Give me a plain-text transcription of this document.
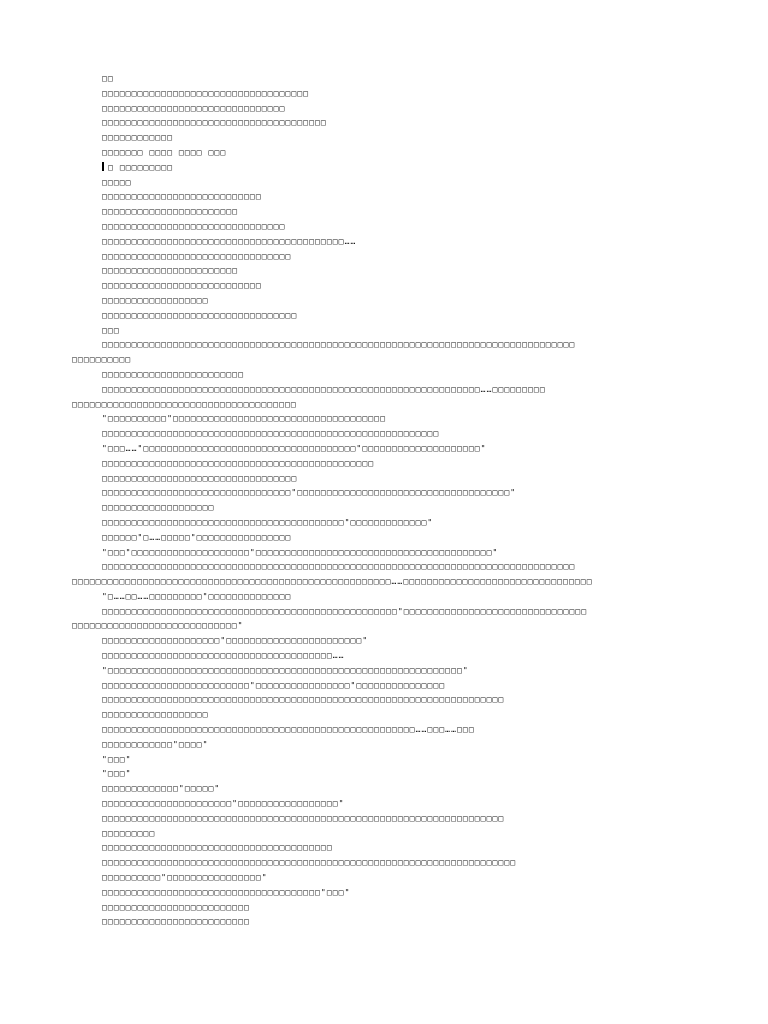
□□
□□□□□□□□□□□□□□□□□□□□□□□□□□□□□□□□□□□
□□□□□□□□□□□□□□□□□□□□□□□□□□□□□□□
□□□□□□□□□□□□□□□□□□□□□□□□□□□□□□□□□□□□□□
□□□□□□□□□□□□
□□□□□□□ □□□□ □□□□ □□□
□ □□□□□□□□□
□□□□□
□□□□□□□□□□□□□□□□□□□□□□□□□□□
□□□□□□□□□□□□□□□□□□□□□□□
□□□□□□□□□□□□□□□□□□□□□□□□□□□□□□□
□□□□□□□□□□□□□□□□□□□□□□□□□□□□□□□□□□□□□□□□□……
□□□□□□□□□□□□□□□□□□□□□□□□□□□□□□□□
□□□□□□□□□□□□□□□□□□□□□□□
□□□□□□□□□□□□□□□□□□□□□□□□□□□
□□□□□□□□□□□□□□□□□□
□□□□□□□□□□□□□□□□□□□□□□□□□□□□□□□□□
□□□
□□□□□□□□□□□□□□□□□□□□□□□□□□□□□□□□□□□□□□□□□□□□□□□□□□□□□□□□□□□□□□□□□□□□□□□□□□□□□□□□
□□□□□□□□□□
□□□□□□□□□□□□□□□□□□□□□□□□
□□□□□□□□□□□□□□□□□□□□□□□□□□□□□□□□□□□□□□□□□□□□□□□□□□□□□□□□□□□□□□□□……□□□□□□□□□
□□□□□□□□□□□□□□□□□□□□□□□□□□□□□□□□□□□□□□
"□□□□□□□□□□"□□□□□□□□□□□□□□□□□□□□□□□□□□□□□□□□□□□□
□□□□□□□□□□□□□□□□□□□□□□□□□□□□□□□□□□□□□□□□□□□□□□□□□□□□□□□□□
"□□□……"□□□□□□□□□□□□□□□□□□□□□□□□□□□□□□□□□□□□"□□□□□□□□□□□□□□□□□□□□"
□□□□□□□□□□□□□□□□□□□□□□□□□□□□□□□□□□□□□□□□□□□□□□
□□□□□□□□□□□□□□□□□□□□□□□□□□□□□□□□□
□□□□□□□□□□□□□□□□□□□□□□□□□□□□□□□□"□□□□□□□□□□□□□□□□□□□□□□□□□□□□□□□□□□□□"
□□□□□□□□□□□□□□□□□□□
□□□□□□□□□□□□□□□□□□□□□□□□□□□□□□□□□□□□□□□□□"□□□□□□□□□□□□□"
□□□□□□"□……□□□□□"□□□□□□□□□□□□□□□□
"□□□"□□□□□□□□□□□□□□□□□□□□"□□□□□□□□□□□□□□□□□□□□□□□□□□□□□□□□□□□□□□□□"
□□□□□□□□□□□□□□□□□□□□□□□□□□□□□□□□□□□□□□□□□□□□□□□□□□□□□□□□□□□□□□□□□□□□□□□□□□□□□□□□
□□□□□□□□□□□□□□□□□□□□□□□□□□□□□□□□□□□□□□□□□□□□□□□□□□□□□□……□□□□□□□□□□□□□□□□□□□□□□□□□□□□□□□□
"□……□□……□□□□□□□□□"□□□□□□□□□□□□□□
□□□□□□□□□□□□□□□□□□□□□□□□□□□□□□□□□□□□□□□□□□□□□□□□□□"□□□□□□□□□□□□□□□□□□□□□□□□□□□□□□□
□□□□□□□□□□□□□□□□□□□□□□□□□□□□"
□□□□□□□□□□□□□□□□□□□□"□□□□□□□□□□□□□□□□□□□□□□□"
□□□□□□□□□□□□□□□□□□□□□□□□□□□□□□□□□□□□□□□……
"□□□□□□□□□□□□□□□□□□□□□□□□□□□□□□□□□□□□□□□□□□□□□□□□□□□□□□□□□□□□"
□□□□□□□□□□□□□□□□□□□□□□□□□"□□□□□□□□□□□□□□□□"□□□□□□□□□□□□□□□
□□□□□□□□□□□□□□□□□□□□□□□□□□□□□□□□□□□□□□□□□□□□□□□□□□□□□□□□□□□□□□□□□□□□
□□□□□□□□□□□□□□□□□□
□□□□□□□□□□□□□□□□□□□□□□□□□□□□□□□□□□□□□□□□□□□□□□□□□□□□□……□□□……□□□
□□□□□□□□□□□□"□□□□"
"□□□"
"□□□"
□□□□□□□□□□□□□"□□□□□"
□□□□□□□□□□□□□□□□□□□□□□"□□□□□□□□□□□□□□□□□"
□□□□□□□□□□□□□□□□□□□□□□□□□□□□□□□□□□□□□□□□□□□□□□□□□□□□□□□□□□□□□□□□□□□□
□□□□□□□□□
□□□□□□□□□□□□□□□□□□□□□□□□□□□□□□□□□□□□□□□
□□□□□□□□□□□□□□□□□□□□□□□□□□□□□□□□□□□□□□□□□□□□□□□□□□□□□□□□□□□□□□□□□□□□□□
□□□□□□□□□□"□□□□□□□□□□□□□□□□"
□□□□□□□□□□□□□□□□□□□□□□□□□□□□□□□□□□□□□"□□□"
□□□□□□□□□□□□□□□□□□□□□□□□□
□□□□□□□□□□□□□□□□□□□□□□□□□
